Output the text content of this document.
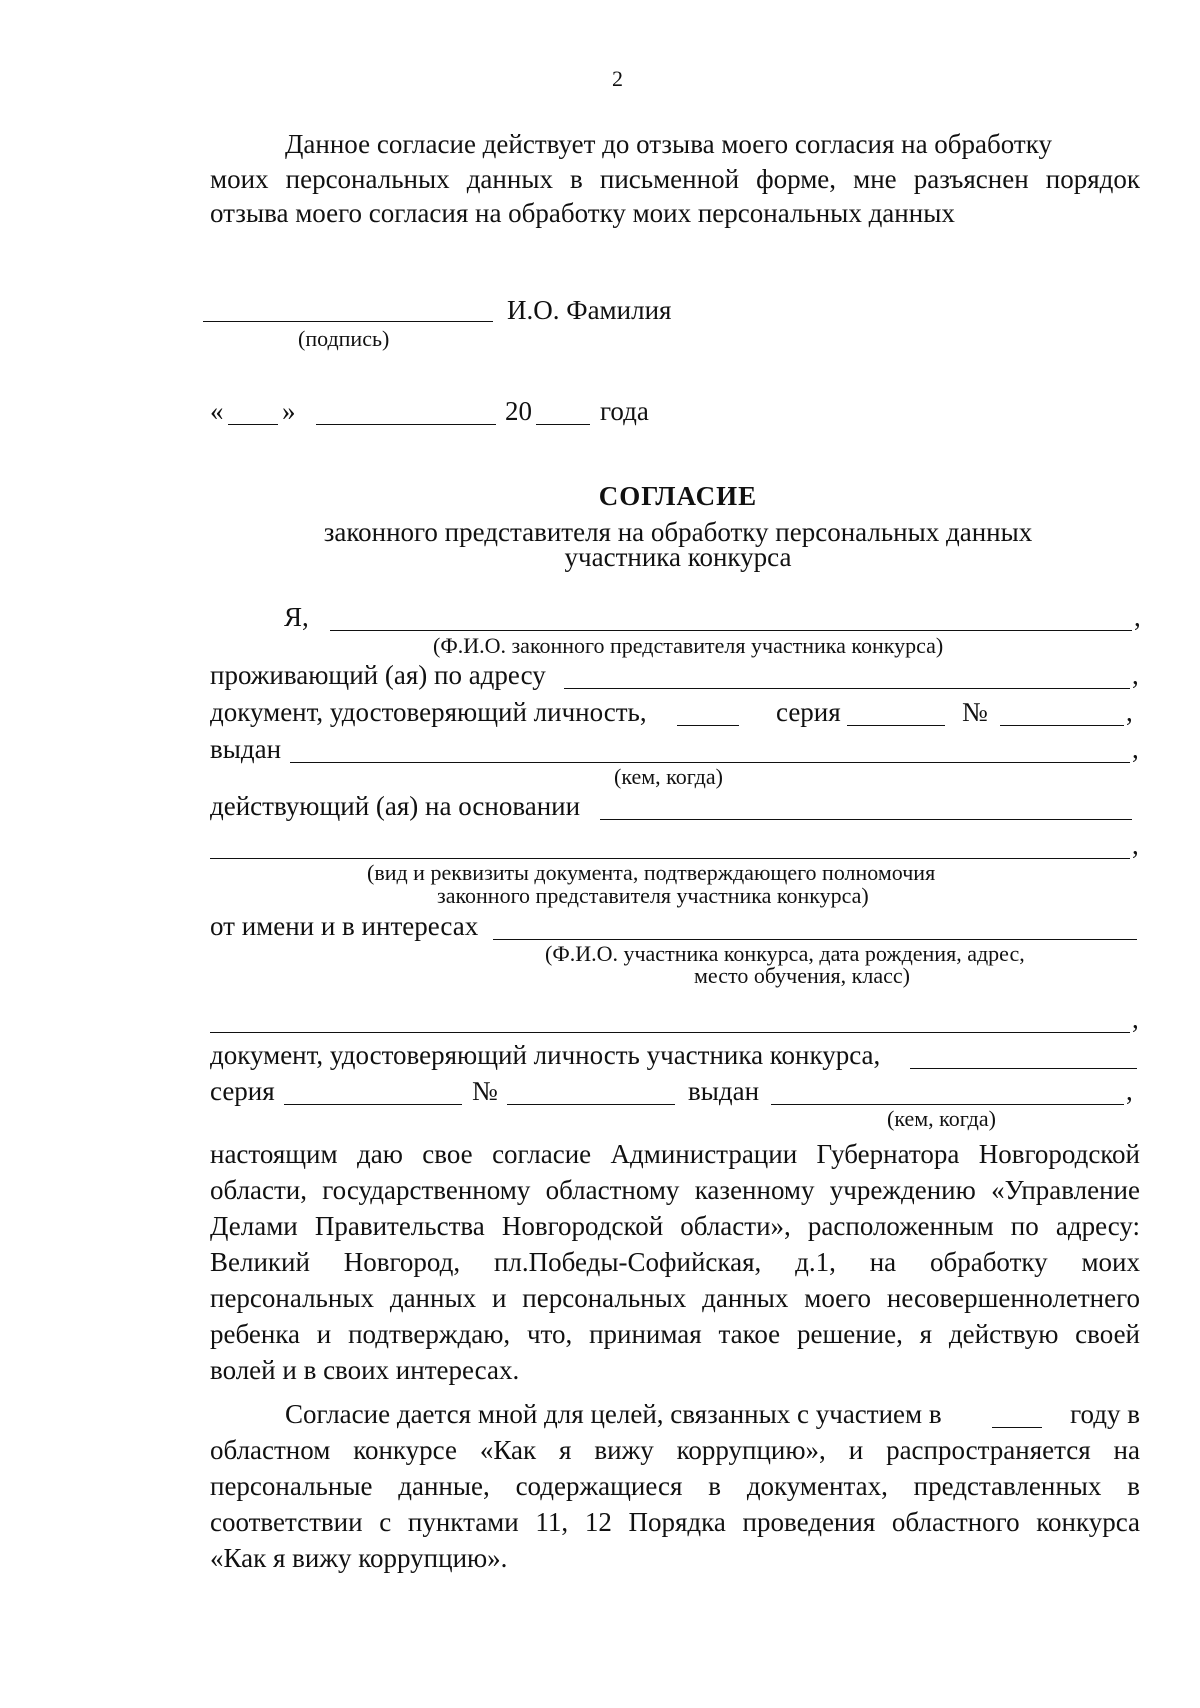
2
Данное согласие действует до отзыва моего согласия на обработку
моих персональных данных в письменной форме, мне разъяснен порядок
отзыва моего согласия на обработку моих персональных данных
И.О. Фамилия
(подпись)
« »	20	года
СОГЛАСИЕ
законного представителя на обработку персональных данных
участника конкурса
Я,	,
(Ф.И.О. законного представителя участника конкурса)
проживающий (ая) по адресу	,
документ, удостоверяющий личность,	серия	№	,
выдан	,
(кем, когда)
действующий (ая) на основании
,
(вид и реквизиты документа, подтверждающего полномочия
законного представителя участника конкурса)
от имени и в интересах
(Ф.И.О. участника конкурса, дата рождения, адрес,
место обучения, класс)
,
документ, удостоверяющий личность участника конкурса,
серия	№	выдан	,
(кем, когда)
настоящим даю свое согласие Администрации Губернатора Новгородской
области, государственному областному казенному учреждению «Управление
Делами Правительства Новгородской области», расположенным по адресу:
Великий Новгород, пл.Победы-Софийская, д.1, на обработку моих
персональных данных и персональных данных моего несовершеннолетнего
ребенка и подтверждаю, что, принимая такое решение, я действую своей
волей и в своих интересах.
Согласие дается мной для целей, связанных с участием в	году в
областном конкурсе «Как я вижу коррупцию», и распространяется на
персональные данные, содержащиеся в документах, представленных в
соответствии с пунктами 11, 12 Порядка проведения областного конкурса
«Как я вижу коррупцию».
